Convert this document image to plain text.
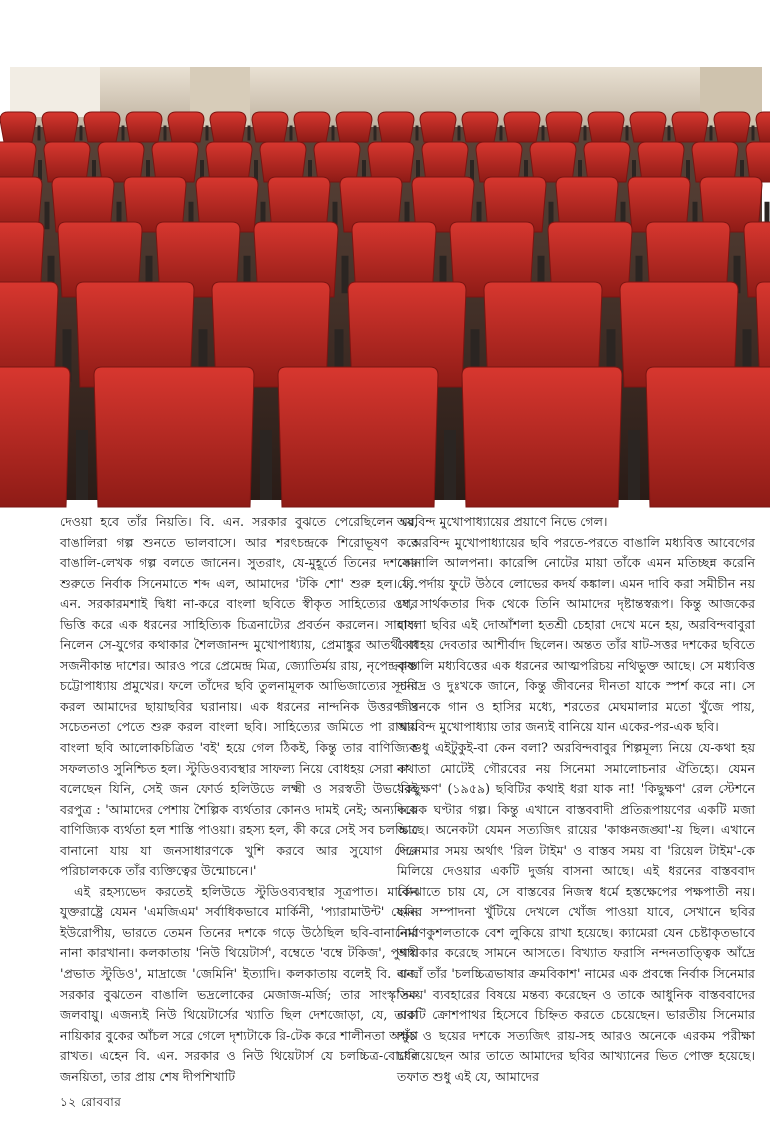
দেওয়া হবে তাঁর নিয়তি। বি. এন. সরকার বুঝতে পেরেছিলেন যে, বাঙালিরা গল্প শুনতে ভালবাসে। আর শরৎচন্দ্রকে শিরোভূষণ করে বাঙালি-লেখক গল্প বলতে জানেন। সুতরাং, যে-মুহূর্তে তিনের দশকের শুরুতে নির্বাক সিনেমাতে শব্দ এল, আমাদের 'টকি শো' শুরু হল। বি. এন. সরকারমশাই দ্বিধা না-করে বাংলা ছবিতে স্বীকৃত সাহিত্যের ওপর ভিত্তি করে এক ধরনের সাহিত্যিক চিত্রনাট্যের প্রবর্তন করলেন। সাহায্য নিলেন সে-যুগের কথাকার শৈলজানন্দ মুখোপাধ্যায়, প্রেমাঙ্কুর আতর্থী বা সজনীকান্ত দাশের। আরও পরে প্রেমেন্দ্র মিত্র, জ্যোতির্ময় রায়, নৃপেন্দ্রকৃষ্ণ চট্টোপাধ্যায় প্রমুখের। ফলে তাঁদের ছবি তুলনামূলক আভিজাত্যের সূচনা করল আমাদের ছায়াছবির ঘরানায়। এক ধরনের নান্দনিক উত্তরণ ও সচেতনতা পেতে শুরু করল বাংলা ছবি। সাহিত্যের জমিতে পা রাখায় বাংলা ছবি আলোকচিত্রিত 'বই' হয়ে গেল ঠিকই, কিন্তু তার বাণিজ্যিক সফলতাও সুনিশ্চিত হল। স্টুডিওব্যবস্থার সাফল্য নিয়ে বোধহয় সেরা কথা বলেছেন যিনি, সেই জন ফোর্ড হলিউডে লক্ষ্মী ও সরস্বতী উভয়েরই বরপুত্র : 'আমাদের পেশায় শৈল্পিক ব্যর্থতার কোনও দামই নেই; অন্যদিকে বাণিজ্যিক ব্যর্থতা হল শাস্তি পাওয়া। রহস্য হল, কী করে সেই সব চলচ্চিত্র বানানো যায় যা জনসাধারণকে খুশি করবে আর সুযোগ দেবে পরিচালককে তাঁর ব্যক্তিত্বের উন্মোচনে।'

এই রহস্যভেদ করতেই হলিউডে স্টুডিওব্যবস্থার সূত্রপাত। মার্কিন যুক্তরাষ্ট্রে যেমন 'এমজিএম' সর্বাধিকভাবে মার্কিনী, 'প্যারামাউন্ট' যেমন ইউরোপীয়, ভারতে তেমন তিনের দশকে গড়ে উঠেছিল ছবি-বানানোর নানা কারখানা। কলকাতায় 'নিউ থিয়েটার্স', বম্বেতে 'বম্বে টকিজ', পুণায় 'প্রভাত স্টুডিও', মাদ্রাজে 'জেমিনি' ইত্যাদি। কলকাতায় বলেই বি. এন. সরকার বুঝতেন বাঙালি ভদ্রলোকের মেজাজ-মর্জি; তার সাংস্কৃতিক জলবায়ু। এজন্যই নিউ থিয়েটার্সের খ্যাতি ছিল দেশজোড়া, যে, তারা নায়িকার বুকের আঁচল সরে গেলে দৃশ্যটাকে রি-টেক করে শালীনতা অক্ষুণ্ণ রাখত। এহেন বি. এন. সরকার ও নিউ থিয়েটার্স যে চলচ্চিত্র-বোধের জনয়িতা, তার প্রায় শেষ দীপশিখাটি

অরবিন্দ মুখোপাধ্যায়ের প্রয়াণে নিভে গেল।

অরবিন্দ মুখোপাধ্যায়ের ছবি পরতে-পরতে বাঙালি মধ্যবিত্ত আবেগের সোনালি আলপনা। কারেন্সি নোটের মায়া তাঁকে এমন মতিচ্ছন্ন করেনি যে, পর্দায় ফুটে উঠবে লোভের কদর্য কঙ্কাল। এমন দাবি করা সমীচীন নয় যে, সার্থকতার দিক থেকে তিনি আমাদের দৃষ্টান্তস্বরূপ। কিন্তু আজকের বাংলা ছবির এই দোআঁশলা হতশ্রী চেহারা দেখে মনে হয়, অরবিন্দবাবুরা বোধহয় দেবতার আশীর্বাদ ছিলেন। অন্তত তাঁর ষাট-সত্তর দশকের ছবিতে বাঙালি মধ্যবিত্তের এক ধরনের আত্মপরিচয় নথিভুক্ত আছে। সে মধ্যবিত্ত দারিদ্র ও দুঃখকে জানে, কিন্তু জীবনের দীনতা যাকে স্পর্শ করে না। সে জীবনকে গান ও হাসির মধ্যে, শরতের মেঘমালার মতো খুঁজে পায়, অরবিন্দ মুখোপাধ্যায় তার জন্যই বানিয়ে যান একের-পর-এক ছবি।

শুধু এইটুকুই-বা কেন বলা? অরবিন্দবাবুর শিল্পমূল্য নিয়ে যে-কথা হয় না তা মোটেই গৌরবের নয় সিনেমা সমালোচনার ঐতিহ্যে। যেমন 'কিছুক্ষণ' (১৯৫৯) ছবিটির কথাই ধরা যাক না! 'কিছুক্ষণ' রেল স্টেশনে কয়েক ঘণ্টার গল্প। কিন্তু এখানে বাস্তববাদী প্রতিরূপায়ণের একটি মজা আছে। অনেকটা যেমন সত্যজিৎ রায়ের 'কাঞ্চনজঙ্ঘা'-য় ছিল। এখানে সিনেমার সময় অর্থাৎ 'রিল টাইম' ও বাস্তব সময় বা 'রিয়েল টাইম'-কে মিলিয়ে দেওয়ার একটি দুর্জয় বাসনা আছে। এই ধরনের বাস্তববাদ বোঝাতে চায় যে, সে বাস্তবের নিজস্ব ধর্মে হস্তক্ষেপের পক্ষপাতী নয়। ছবির সম্পাদনা খুঁটিয়ে দেখলে খোঁজ পাওয়া যাবে, সেখানে ছবির নির্মাণকুশলতাকে বেশ লুকিয়ে রাখা হয়েছে। ক্যামেরা যেন চেষ্টাকৃতভাবে অস্বীকার করেছে সামনে আসতে। বিখ্যাত ফরাসি নন্দনতাত্ত্বিক আঁদ্রে বাজাঁ তাঁর 'চলচ্চিত্রভাষার ক্রমবিকাশ' নামের এক প্রবন্ধে নির্বাক সিনেমার 'সময়' ব্যবহারের বিষয়ে মন্তব্য করেছেন ও তাকে আধুনিক বাস্তববাদের একটি ক্রোশপাথর হিসেবে চিহ্নিত করতে চেয়েছেন। ভারতীয় সিনেমার পাঁচ ও ছয়ের দশকে সত্যজিৎ রায়-সহ আরও অনেকে এরকম পরীক্ষা চালিয়েছেন আর তাতে আমাদের ছবির আখ্যানের ভিত পোক্ত হয়েছে। তফাত শুধু এই যে, আমাদের

১২ রোববার
